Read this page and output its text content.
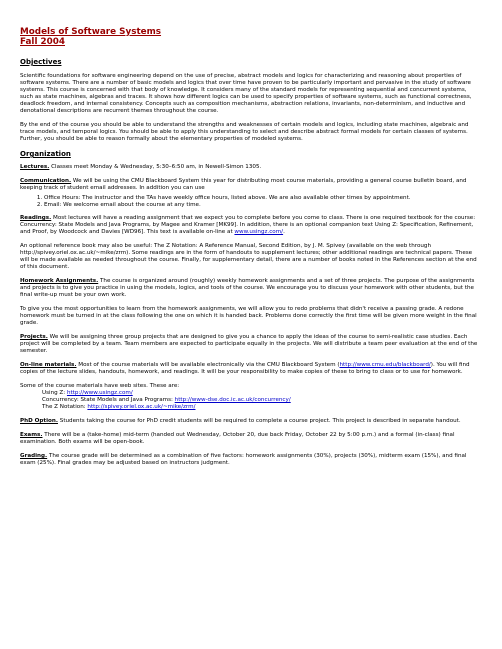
Models of Software Systems
Fall 2004
Objectives

Scientific foundations for software engineering depend on the use of precise, abstract models and logics for characterizing and reasoning about properties of software systems. There are a number of basic models and logics that over time have proven to be particularly important and pervasive in the study of software systems. This course is concerned with that body of knowledge. It considers many of the standard models for representing sequential and concurrent systems, such as state machines, algebras and traces. It shows how different logics can be used to specify properties of software systems, such as functional correctness, deadlock freedom, and internal consistency. Concepts such as composition mechanisms, abstraction relations, invariants, non-determinism, and inductive and denotational descriptions are recurrent themes throughout the course.

By the end of the course you should be able to understand the strengths and weaknesses of certain models and logics, including state machines, algebraic and trace models, and temporal logics. You should be able to apply this understanding to select and describe abstract formal models for certain classes of systems. Further, you should be able to reason formally about the elementary properties of modeled systems.

Organization

Lectures. Classes meet Monday & Wednesday, 5:30–6:50 am, in Newell-Simon 1305.

Communication. We will be using the CMU Blackboard System this year for distributing most course materials, providing a general course bulletin board, and keeping track of student email addresses. In addition you can use

1. Office Hours: The instructor and the TAs have weekly office hours, listed above. We are also available other times by appointment.
2. Email: We welcome email about the course at any time.

Readings. Most lectures will have a reading assignment that we expect you to complete before you come to class. There is one required textbook for the course: Concurrency: State Models and Java Programs, by Magee and Kramer [MK99]. In addition, there is an optional companion text Using Z: Specification, Refinement, and Proof, by Woodcock and Davies [WD96]. This text is available on-line at www.usingz.com/.

An optional reference book may also be useful: The Z Notation: A Reference Manual, Second Edition, by J. M. Spivey (available on the web through http://spivey.oriel.ox.ac.uk/~mike/zrm). Some readings are in the form of handouts to supplement lectures; other additional readings are technical papers. These will be made available as needed throughout the course. Finally, for supplementary detail, there are a number of books noted in the References section at the end of this document.

Homework Assignments. The course is organized around (roughly) weekly homework assignments and a set of three projects. The purpose of the assignments and projects is to give you practice in using the models, logics, and tools of the course. We encourage you to discuss your homework with other students, but the final write-up must be your own work.

To give you the most opportunities to learn from the homework assignments, we will allow you to redo problems that didn't receive a passing grade. A redone homework must be turned in at the class following the one on which it is handed back. Problems done correctly the first time will be given more weight in the final grade.

Projects. We will be assigning three group projects that are designed to give you a chance to apply the ideas of the course to semi-realistic case studies. Each project will be completed by a team. Team members are expected to participate equally in the projects. We will distribute a team peer evaluation at the end of the semester.

On-line materials. Most of the course materials will be available electronically via the CMU Blackboard System (http://www.cmu.edu/blackboard/). You will find copies of the lecture slides, handouts, homework, and readings. It will be your responsibility to make copies of these to bring to class or to use for homework.

Some of the course materials have web sites. These are:
Using Z: http://www.usingz.com/
Concurrency: State Models and Java Programs: http://www-dse.doc.ic.ac.uk/concurrency/
The Z Notation: http://spivey.oriel.ox.ac.uk/~mike/zrm/

PhD Option. Students taking the course for PhD credit students will be required to complete a course project. This project is described in separate handout.

Exams. There will be a (take-home) mid-term (handed out Wednesday, October 20, due back Friday, October 22 by 5:00 p.m.) and a formal (in-class) final examination. Both exams will be open-book.

Grading. The course grade will be determined as a combination of five factors: homework assignments (30%), projects (30%), midterm exam (15%), and final exam (25%). Final grades may be adjusted based on instructors judgment.
